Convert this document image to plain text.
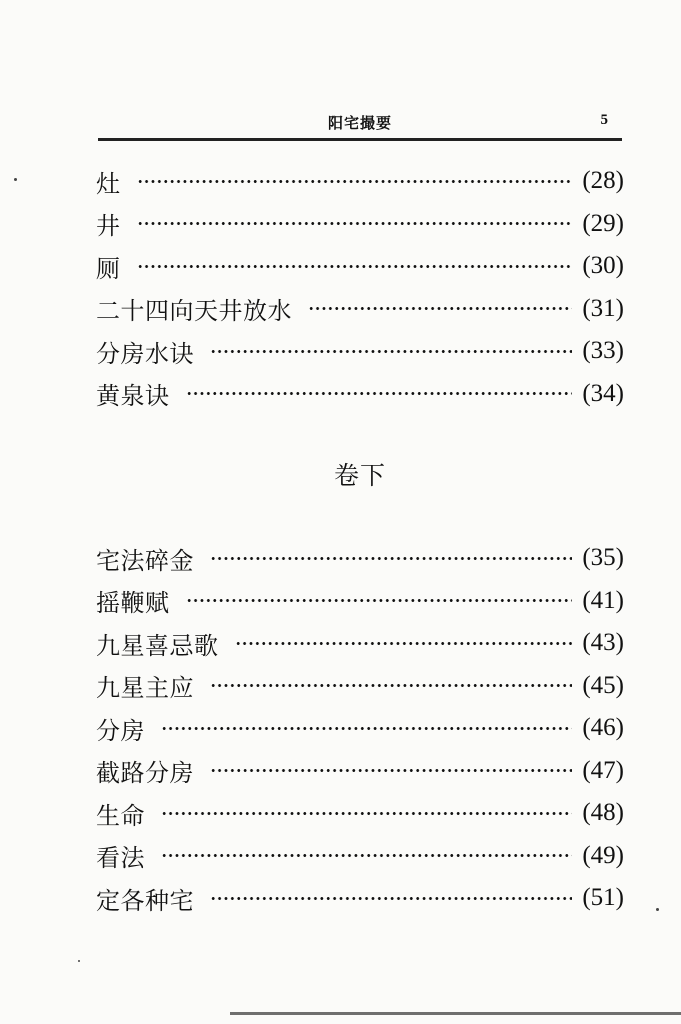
阳宅撮要	5
灶	(28)
井	(29)
厕	(30)
二十四向天井放水	(31)
分房水诀	(33)
黄泉诀	(34)
卷下
宅法碎金	(35)
摇鞭赋	(41)
九星喜忌歌	(43)
九星主应	(45)
分房	(46)
截路分房	(47)
生命	(48)
看法	(49)
定各种宅	(51)
